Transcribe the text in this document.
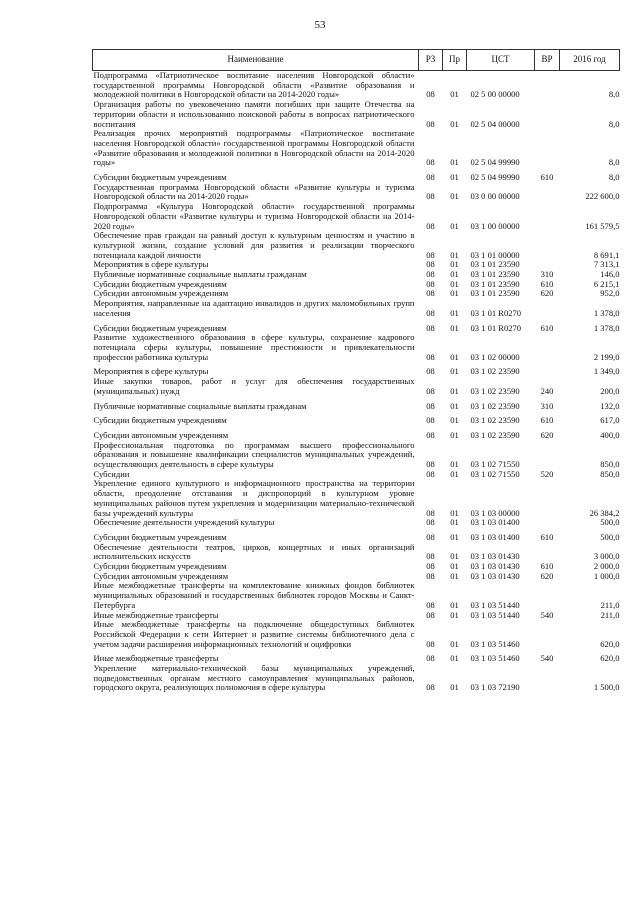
53
Наименование	РЗ	Пр	ЦСТ	ВР	2016 год
Подпрограмма «Патриотическое воспитание населения Новгородской области» государственной программы Новгородской области «Развитие образования и молодежной политики в Новгородской области на 2014-2020 годы»	08	01	02 5 00 00000		8,0
Организация работы по увековечению памяти погибших при защите Отечества на территории области и использованию поисковой работы в вопросах патриотического воспитания	08	01	02 5 04 00000		8,0
Реализация прочих мероприятий подпрограммы «Патриотическое воспитание населения Новгородской области» государственной программы Новгородской области «Развитие образования и молодежной политики в Новгородской области на 2014-2020 годы»	08	01	02 5 04 99990		8,0
Субсидии бюджетным учреждениям	08	01	02 5 04 99990	610	8,0
Государственная программа Новгородской области «Развитие культуры и туризма Новгородской области на 2014-2020 годы»	08	01	03 0 00 00000		222 600,0
Подпрограмма «Культура Новгородской области» государственной программы Новгородской области «Развитие культуры и туризма Новгородской области на 2014-2020 годы»	08	01	03 1 00 00000		161 579,5
Обеспечение прав граждан на равный доступ к культурным ценностям и участию в культурной жизни, создание условий для развития и реализации творческого потенциала каждой личности	08	01	03 1 01 00000		8 691,1
Мероприятия в сфере культуры	08	01	03 1 01 23590		7 313,1
Публичные нормативные социальные выплаты гражданам	08	01	03 1 01 23590	310	146,0
Субсидии бюджетным учреждениям	08	01	03 1 01 23590	610	6 215,1
Субсидии автономным учреждениям	08	01	03 1 01 23590	620	952,0
Мероприятия, направленные на адаптацию инвалидов и других маломобильных групп населения	08	01	03 1 01 R0270		1 378,0
Субсидии бюджетным учреждениям	08	01	03 1 01 R0270	610	1 378,0
Развитие художественного образования в сфере культуры, сохранение кадрового потенциала сферы культуры, повышение престижности и привлекательности профессии работника культуры	08	01	03 1 02 00000		2 199,0
Мероприятия в сфере культуры	08	01	03 1 02 23590		1 349,0
Иные закупки товаров, работ и услуг для обеспечения государственных (муниципальных) нужд	08	01	03 1 02 23590	240	200,0
Публичные нормативные социальные выплаты гражданам	08	01	03 1 02 23590	310	132,0
Субсидии бюджетным учреждениям	08	01	03 1 02 23590	610	617,0
Субсидии автономным учреждениям	08	01	03 1 02 23590	620	400,0
Профессиональная подготовка по программам высшего профессионального образования и повышение квалификации специалистов муниципальных учреждений, осуществляющих деятельность в сфере культуры	08	01	03 1 02 71550		850,0
Субсидии	08	01	03 1 02 71550	520	850,0
Укрепление единого культурного и информационного пространства на территории области, преодоление отставания и диспропорций в культурном уровне муниципальных районов путем укрепления и модернизации материально-технической базы учреждений культуры	08	01	03 1 03 00000		26 384,2
Обеспечение деятельности учреждений культуры	08	01	03 1 03 01400		500,0
Субсидии бюджетным учреждениям	08	01	03 1 03 01400	610	500,0
Обеспечение деятельности театров, цирков, концертных и иных организаций исполнительских искусств	08	01	03 1 03 01430		3 000,0
Субсидии бюджетным учреждениям	08	01	03 1 03 01430	610	2 000,0
Субсидии автономным учреждениям	08	01	03 1 03 01430	620	1 000,0
Иные межбюджетные трансферты на комплектование книжных фондов библиотек муниципальных образований и государственных библиотек городов Москвы и Санкт-Петербурга	08	01	03 1 03 51440		211,0
Иные межбюджетные трансферты	08	01	03 1 03 51440	540	211,0
Иные межбюджетные трансферты на подключение общедоступных библиотек Российской Федерации к сети Интернет и развитие системы библиотечного дела с учетом задачи расширения информационных технологий и оцифровки	08	01	03 1 03 51460		620,0
Иные межбюджетные трансферты	08	01	03 1 03 51460	540	620,0
Укрепление материально-технической базы муниципальных учреждений, подведомственных органам местного самоуправления муниципальных районов, городского округа, реализующих полномочия в сфере культуры	08	01	03 1 03 72190		1 500,0
